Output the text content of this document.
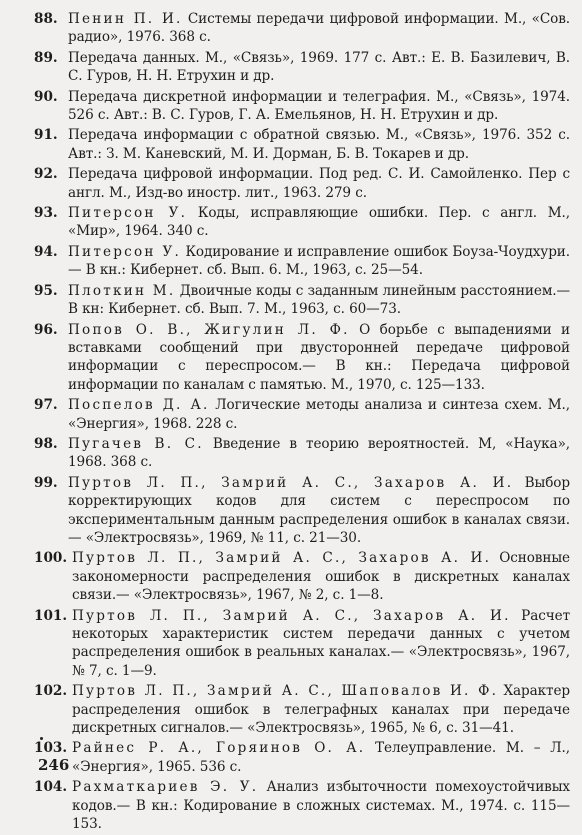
88. Пенин П. И. Системы передачи цифровой информации. М., «Сов. радио», 1976. 368 с.
89. Передача данных. М., «Связь», 1969. 177 с. Авт.: Е. В. Базилевич, В. С. Гуров, Н. Н. Етрухин и др.
90. Передача дискретной информации и телеграфия. М., «Связь», 1974. 526 с. Авт.: В. С. Гуров, Г. А. Емельянов, Н. Н. Етрухин и др.
91. Передача информации с обратной связью. М., «Связь», 1976. 352 с. Авт.: З. М. Каневский, М. И. Дорман, Б. В. Токарев и др.
92. Передача цифровой информации. Под ред. С. И. Самойленко. Пер с англ. М., Изд-во иностр. лит., 1963. 279 с.
93. Питерсон У. Коды, исправляющие ошибки. Пер. с англ. М., «Мир», 1964. 340 с.
94. Питерсон У. Кодирование и исправление ошибок Боуза-Чоудхури.— В кн.: Кибернет. сб. Вып. 6. М., 1963, с. 25—54.
95. Плоткин М. Двоичные коды с заданным линейным расстоянием.— В кн: Кибернет. сб. Вып. 7. М., 1963, с. 60—73.
96. Попов О. В., Жигулин Л. Ф. О борьбе с выпадениями и вставками сообщений при двусторонней передаче цифровой информации с переспросом.— В кн.: Передача цифровой информации по каналам с памятью. М., 1970, с. 125—133.
97. Поспелов Д. А. Логические методы анализа и синтеза схем. М., «Энергия», 1968. 228 с.
98. Пугачев В. С. Введение в теорию вероятностей. М, «Наука», 1968. 368 с.
99. Пуртов Л. П., Замрий А. С., Захаров А. И. Выбор корректирующих кодов для систем с переспросом по экспериментальным данным распределения ошибок в каналах связи.— «Электросвязь», 1969, № 11, с. 21—30.
100. Пуртов Л. П., Замрий А. С., Захаров А. И. Основные закономерности распределения ошибок в дискретных каналах связи.— «Электросвязь», 1967, № 2, с. 1—8.
101. Пуртов Л. П., Замрий А. С., Захаров А. И. Расчет некоторых характеристик систем передачи данных с учетом распределения ошибок в реальных каналах.— «Электросвязь», 1967, № 7, с. 1—9.
102. Пуртов Л. П., Замрий А. С., Шаповалов И. Ф. Характер распределения ошибок в телеграфных каналах при передаче дискретных сигналов.— «Электросвязь», 1965, № 6, с. 31—41.
103. Райнес Р. А., Горяинов О. А. Телеуправление. М. – Л., «Энергия», 1965. 536 с.
104. Рахматкариев Э. У. Анализ избыточности помехоустойчивых кодов.— В кн.: Кодирование в сложных системах. М., 1974. с. 115—153.
246
